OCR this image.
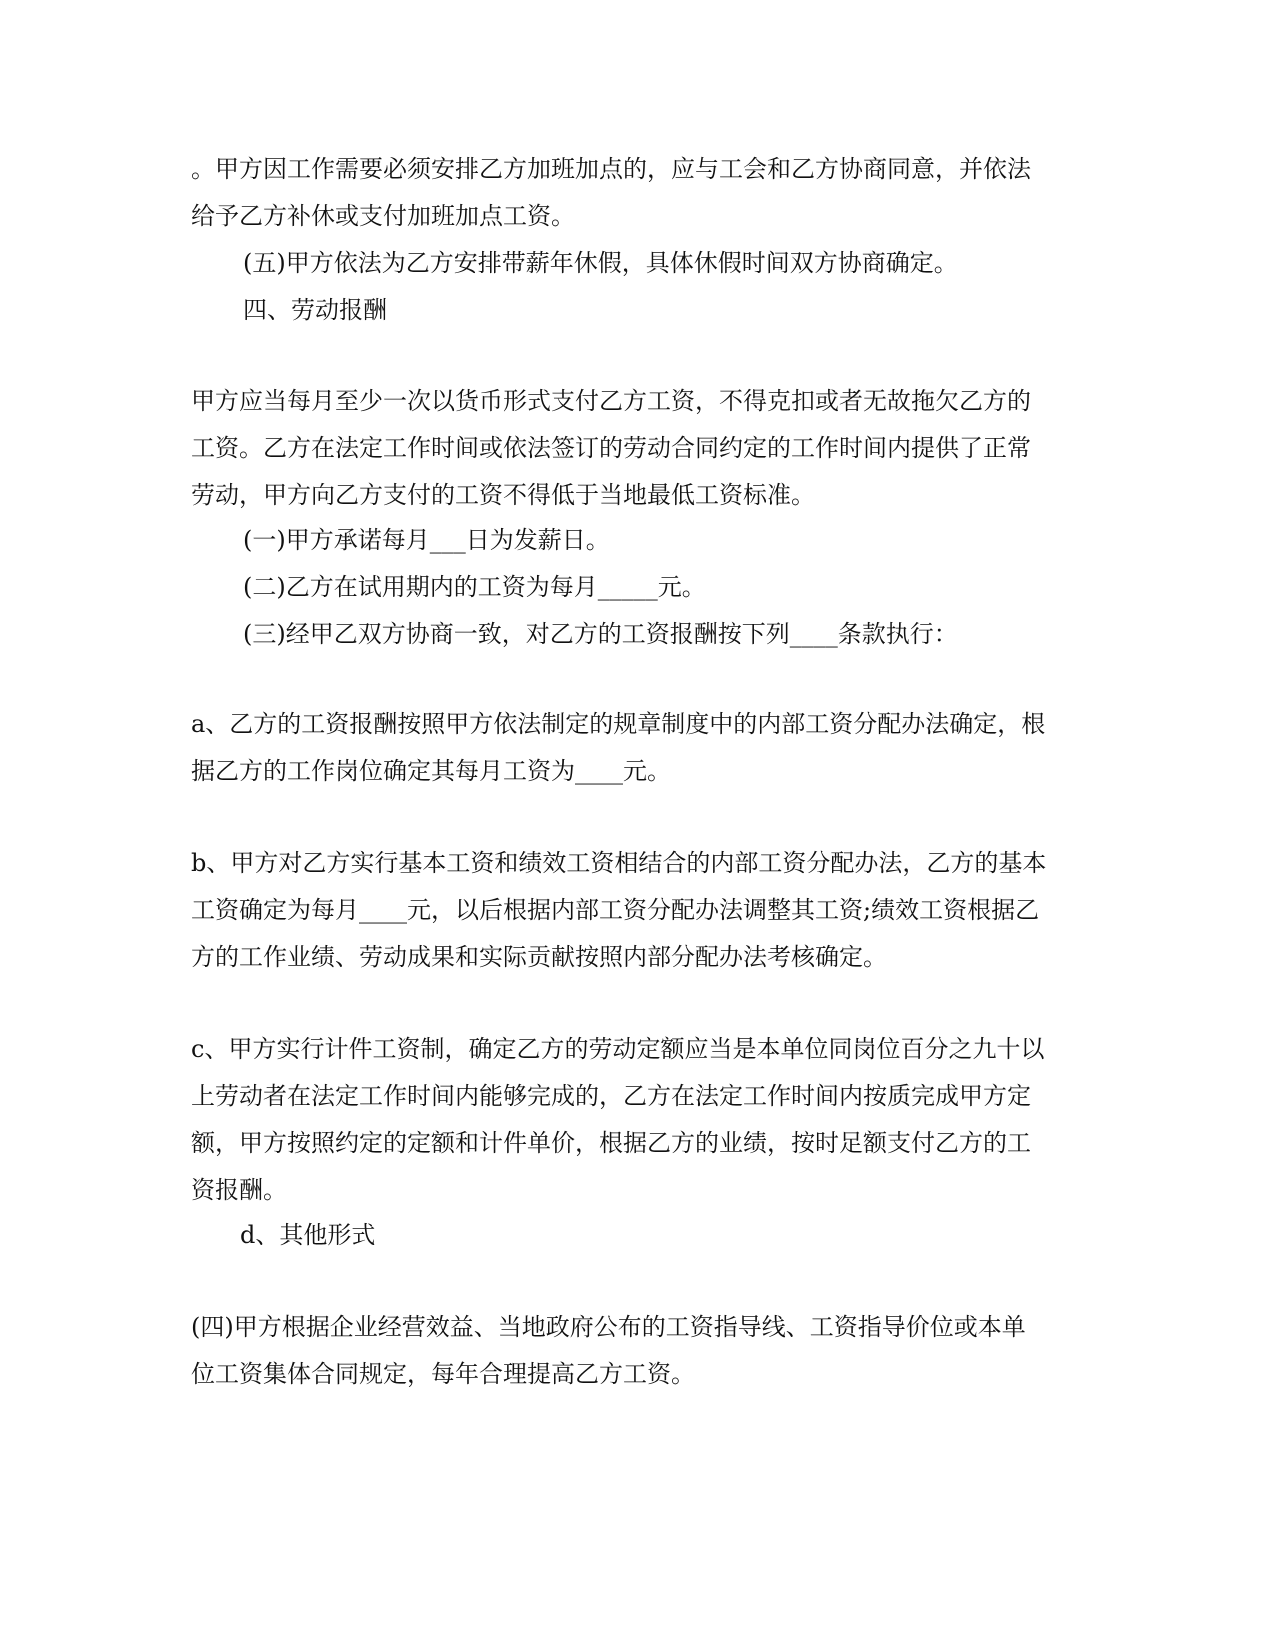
。甲方因工作需要必须安排乙方加班加点的，应与工会和乙方协商同意，并依法
给予乙方补休或支付加班加点工资。
(五)甲方依法为乙方安排带薪年休假，具体休假时间双方协商确定。
四、劳动报酬
甲方应当每月至少一次以货币形式支付乙方工资，不得克扣或者无故拖欠乙方的
工资。乙方在法定工作时间或依法签订的劳动合同约定的工作时间内提供了正常
劳动，甲方向乙方支付的工资不得低于当地最低工资标准。
(一)甲方承诺每月___日为发薪日。
(二)乙方在试用期内的工资为每月_____元。
(三)经甲乙双方协商一致，对乙方的工资报酬按下列____条款执行：
a、乙方的工资报酬按照甲方依法制定的规章制度中的内部工资分配办法确定，根
据乙方的工作岗位确定其每月工资为____元。
b、甲方对乙方实行基本工资和绩效工资相结合的内部工资分配办法，乙方的基本
工资确定为每月____元，以后根据内部工资分配办法调整其工资;绩效工资根据乙
方的工作业绩、劳动成果和实际贡献按照内部分配办法考核确定。
c、甲方实行计件工资制，确定乙方的劳动定额应当是本单位同岗位百分之九十以
上劳动者在法定工作时间内能够完成的，乙方在法定工作时间内按质完成甲方定
额，甲方按照约定的定额和计件单价，根据乙方的业绩，按时足额支付乙方的工
资报酬。
d、其他形式
(四)甲方根据企业经营效益、当地政府公布的工资指导线、工资指导价位或本单
位工资集体合同规定，每年合理提高乙方工资。
